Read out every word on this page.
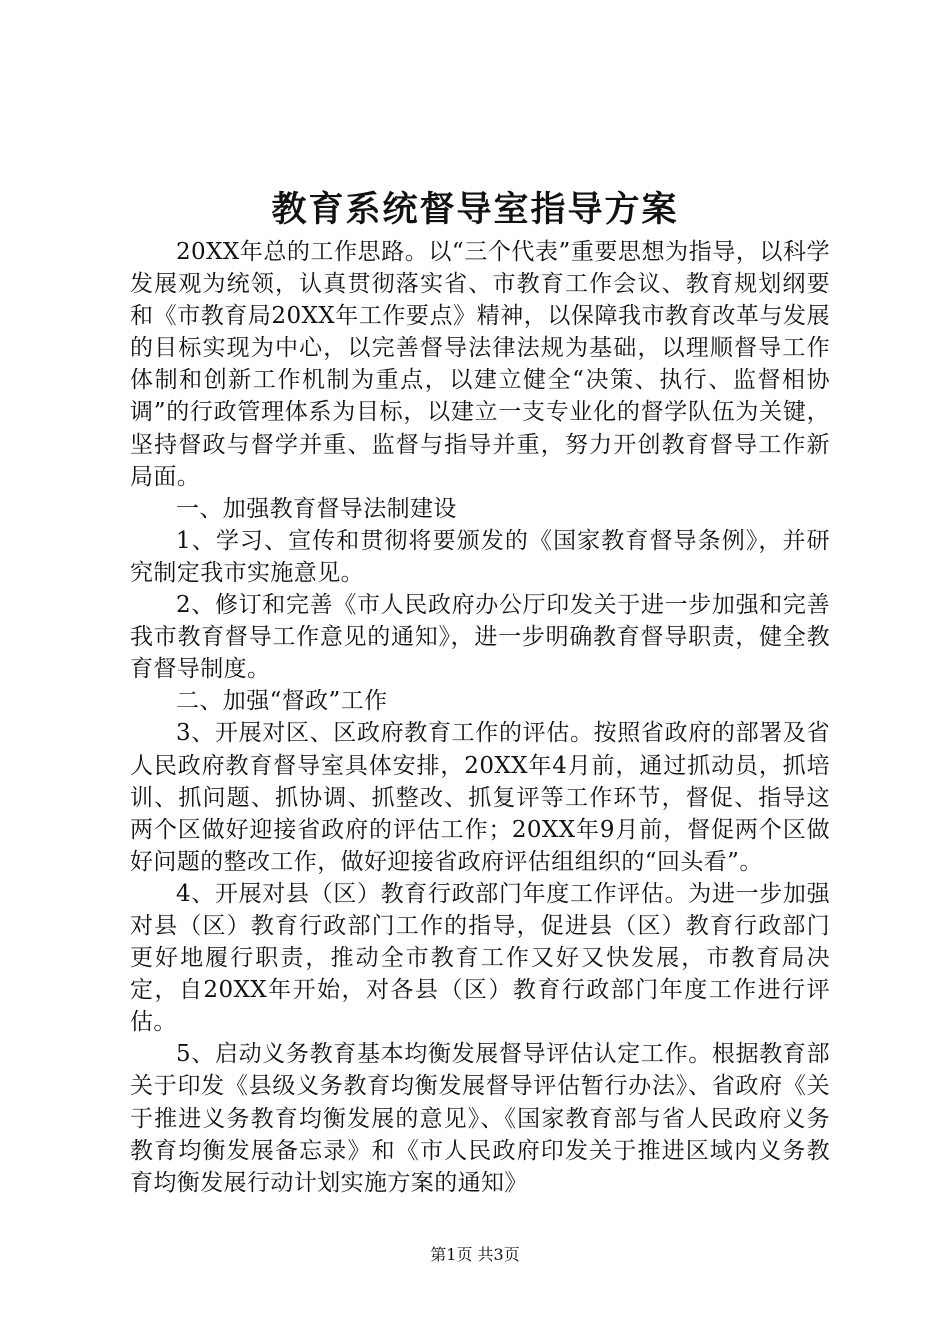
教育系统督导室指导方案

20XX年总的工作思路。以“三个代表”重要思想为指导，以科学发展观为统领，认真贯彻落实省、市教育工作会议、教育规划纲要和《市教育局20XX年工作要点》精神，以保障我市教育改革与发展的目标实现为中心，以完善督导法律法规为基础，以理顺督导工作体制和创新工作机制为重点，以建立健全“决策、执行、监督相协调”的行政管理体系为目标，以建立一支专业化的督学队伍为关键，坚持督政与督学并重、监督与指导并重，努力开创教育督导工作新局面。

一、加强教育督导法制建设

1、学习、宣传和贯彻将要颁发的《国家教育督导条例》，并研究制定我市实施意见。

2、修订和完善《市人民政府办公厅印发关于进一步加强和完善我市教育督导工作意见的通知》，进一步明确教育督导职责，健全教育督导制度。

二、加强“督政”工作

3、开展对区、区政府教育工作的评估。按照省政府的部署及省人民政府教育督导室具体安排，20XX年4月前，通过抓动员，抓培训、抓问题、抓协调、抓整改、抓复评等工作环节，督促、指导这两个区做好迎接省政府的评估工作；20XX年9月前，督促两个区做好问题的整改工作，做好迎接省政府评估组组织的“回头看”。

4、开展对县（区）教育行政部门年度工作评估。为进一步加强对县（区）教育行政部门工作的指导，促进县（区）教育行政部门更好地履行职责，推动全市教育工作又好又快发展，市教育局决定，自20XX年开始，对各县（区）教育行政部门年度工作进行评估。

5、启动义务教育基本均衡发展督导评估认定工作。根据教育部关于印发《县级义务教育均衡发展督导评估暂行办法》、省政府《关于推进义务教育均衡发展的意见》、《国家教育部与省人民政府义务教育均衡发展备忘录》和《市人民政府印发关于推进区域内义务教育均衡发展行动计划实施方案的通知》

第1页 共3页
